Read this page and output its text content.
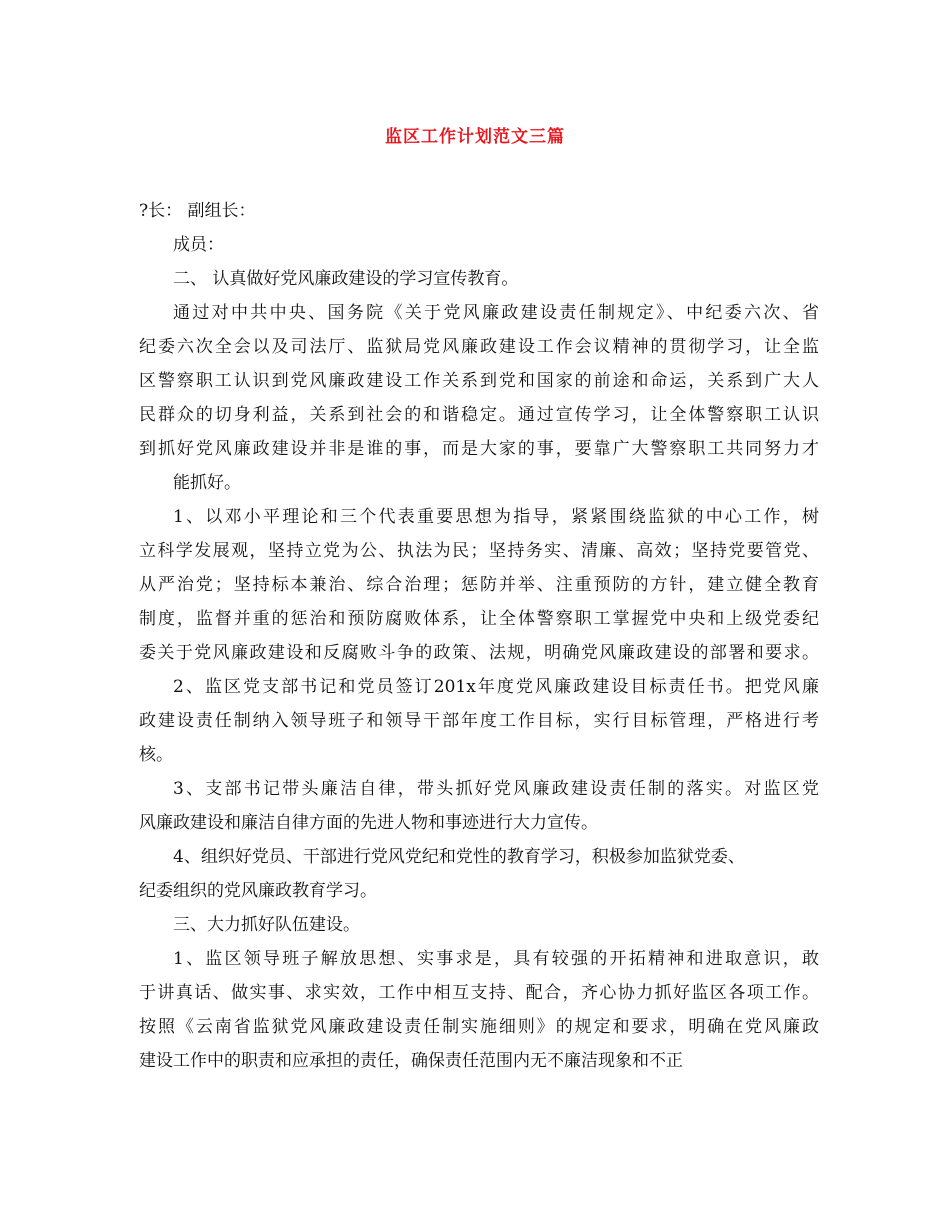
监区工作计划范文三篇
?长： 副组长：
成员：
二、 认真做好党风廉政建设的学习宣传教育。
通过对中共中央、国务院《关于党风廉政建设责任制规定》、中纪委六次、省
纪委六次全会以及司法厅、监狱局党风廉政建设工作会议精神的贯彻学习，让全监
区警察职工认识到党风廉政建设工作关系到党和国家的前途和命运，关系到广大人
民群众的切身利益，关系到社会的和谐稳定。通过宣传学习，让全体警察职工认识
到抓好党风廉政建设并非是谁的事，而是大家的事，要靠广大警察职工共同努力才
能抓好。
1、以邓小平理论和三个代表重要思想为指导，紧紧围绕监狱的中心工作，树
立科学发展观，坚持立党为公、执法为民；坚持务实、清廉、高效；坚持党要管党、
从严治党；坚持标本兼治、综合治理；惩防并举、注重预防的方针，建立健全教育
制度，监督并重的惩治和预防腐败体系，让全体警察职工掌握党中央和上级党委纪
委关于党风廉政建设和反腐败斗争的政策、法规，明确党风廉政建设的部署和要求。
2、监区党支部书记和党员签订201x年度党风廉政建设目标责任书。把党风廉
政建设责任制纳入领导班子和领导干部年度工作目标，实行目标管理，严格进行考
核。
3、支部书记带头廉洁自律，带头抓好党风廉政建设责任制的落实。对监区党
风廉政建设和廉洁自律方面的先进人物和事迹进行大力宣传。
4、组织好党员、干部进行党风党纪和党性的教育学习，积极参加监狱党委、
纪委组织的党风廉政教育学习。
三、大力抓好队伍建设。
1、监区领导班子解放思想、实事求是，具有较强的开拓精神和进取意识，敢
于讲真话、做实事、求实效，工作中相互支持、配合，齐心协力抓好监区各项工作。
按照《云南省监狱党风廉政建设责任制实施细则》的规定和要求，明确在党风廉政
建设工作中的职责和应承担的责任，确保责任范围内无不廉洁现象和不正
